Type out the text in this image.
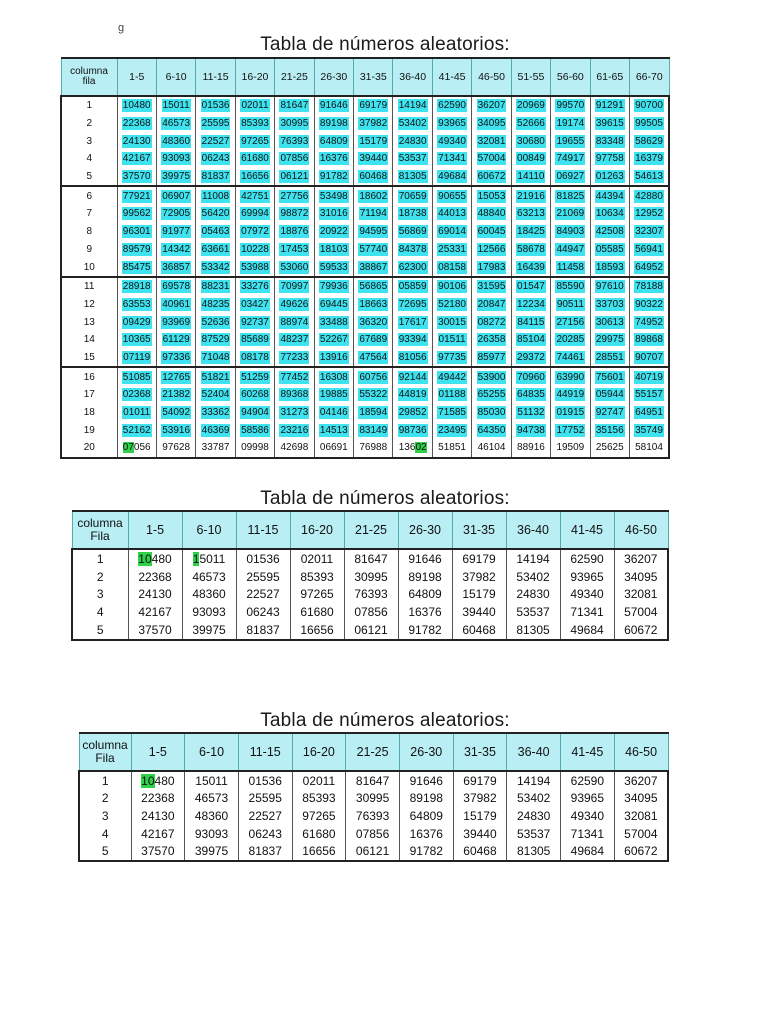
g
Tabla de números aleatorios:
columna
fila	1-5	6-10	11-15	16-20	21-25	26-30	31-35	36-40	41-45	46-50	51-55	56-60	61-65	66-70
1	10480	15011	01536	02011	81647	91646	69179	14194	62590	36207	20969	99570	91291	90700
2	22368	46573	25595	85393	30995	89198	37982	53402	93965	34095	52666	19174	39615	99505
3	24130	48360	22527	97265	76393	64809	15179	24830	49340	32081	30680	19655	83348	58629
4	42167	93093	06243	61680	07856	16376	39440	53537	71341	57004	00849	74917	97758	16379
5	37570	39975	81837	16656	06121	91782	60468	81305	49684	60672	14110	06927	01263	54613
6	77921	06907	11008	42751	27756	53498	18602	70659	90655	15053	21916	81825	44394	42880
7	99562	72905	56420	69994	98872	31016	71194	18738	44013	48840	63213	21069	10634	12952
8	96301	91977	05463	07972	18876	20922	94595	56869	69014	60045	18425	84903	42508	32307
9	89579	14342	63661	10228	17453	18103	57740	84378	25331	12566	58678	44947	05585	56941
10	85475	36857	53342	53988	53060	59533	38867	62300	08158	17983	16439	11458	18593	64952
11	28918	69578	88231	33276	70997	79936	56865	05859	90106	31595	01547	85590	97610	78188
12	63553	40961	48235	03427	49626	69445	18663	72695	52180	20847	12234	90511	33703	90322
13	09429	93969	52636	92737	88974	33488	36320	17617	30015	08272	84115	27156	30613	74952
14	10365	61129	87529	85689	48237	52267	67689	93394	01511	26358	85104	20285	29975	89868
15	07119	97336	71048	08178	77233	13916	47564	81056	97735	85977	29372	74461	28551	90707
16	51085	12765	51821	51259	77452	16308	60756	92144	49442	53900	70960	63990	75601	40719
17	02368	21382	52404	60268	89368	19885	55322	44819	01188	65255	64835	44919	05944	55157
18	01011	54092	33362	94904	31273	04146	18594	29852	71585	85030	51132	01915	92747	64951
19	52162	53916	46369	58586	23216	14513	83149	98736	23495	64350	94738	17752	35156	35749
20	07056	97628	33787	09998	42698	06691	76988	13602	51851	46104	88916	19509	25625	58104
Tabla de números aleatorios:
columna
Fila	1-5	6-10	11-15	16-20	21-25	26-30	31-35	36-40	41-45	46-50
1	10480	15011	01536	02011	81647	91646	69179	14194	62590	36207
2	22368	46573	25595	85393	30995	89198	37982	53402	93965	34095
3	24130	48360	22527	97265	76393	64809	15179	24830	49340	32081
4	42167	93093	06243	61680	07856	16376	39440	53537	71341	57004
5	37570	39975	81837	16656	06121	91782	60468	81305	49684	60672
Tabla de números aleatorios:
columna
Fila	1-5	6-10	11-15	16-20	21-25	26-30	31-35	36-40	41-45	46-50
1	10480	15011	01536	02011	81647	91646	69179	14194	62590	36207
2	22368	46573	25595	85393	30995	89198	37982	53402	93965	34095
3	24130	48360	22527	97265	76393	64809	15179	24830	49340	32081
4	42167	93093	06243	61680	07856	16376	39440	53537	71341	57004
5	37570	39975	81837	16656	06121	91782	60468	81305	49684	60672
